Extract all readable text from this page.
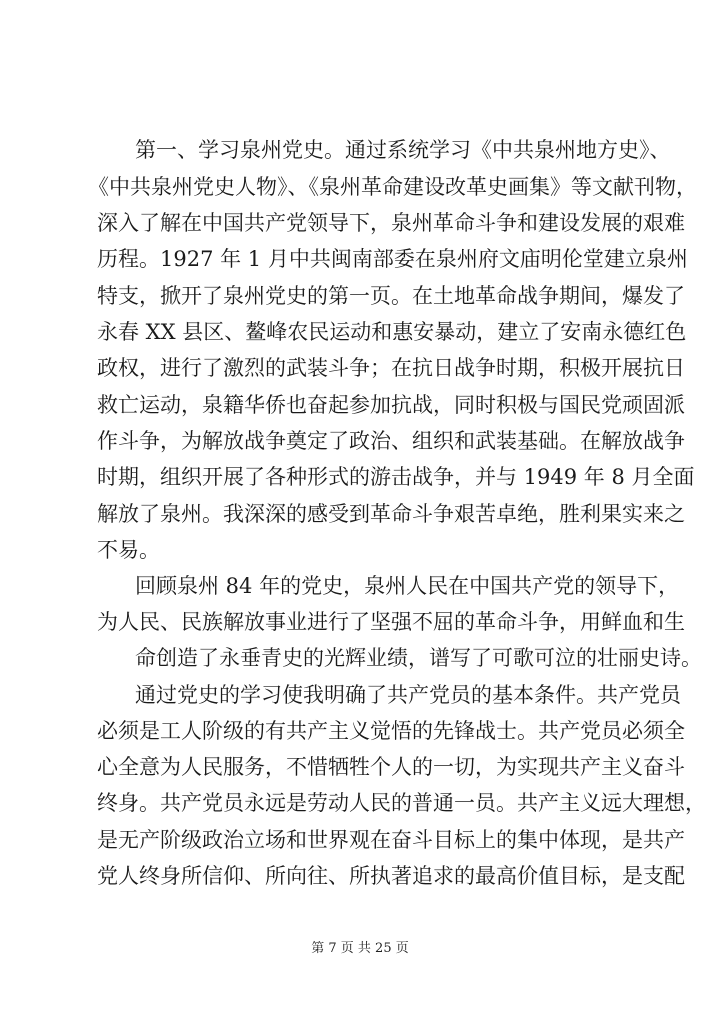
第一、学习泉州党史。通过系统学习《中共泉州地方史》、
《中共泉州党史人物》、《泉州革命建设改革史画集》等文献刊物，
深入了解在中国共产党领导下，泉州革命斗争和建设发展的艰难
历程。1927 年 1 月中共闽南部委在泉州府文庙明伦堂建立泉州
特支，掀开了泉州党史的第一页。在土地革命战争期间，爆发了
永春 XX 县区、鳌峰农民运动和惠安暴动，建立了安南永德红色
政权，进行了激烈的武装斗争；在抗日战争时期，积极开展抗日
救亡运动，泉籍华侨也奋起参加抗战，同时积极与国民党顽固派
作斗争，为解放战争奠定了政治、组织和武装基础。在解放战争
时期，组织开展了各种形式的游击战争，并与 1949 年 8 月全面
解放了泉州。我深深的感受到革命斗争艰苦卓绝，胜利果实来之
不易。
回顾泉州 84 年的党史，泉州人民在中国共产党的领导下，
为人民、民族解放事业进行了坚强不屈的革命斗争，用鲜血和生
命创造了永垂青史的光辉业绩，谱写了可歌可泣的壮丽史诗。
通过党史的学习使我明确了共产党员的基本条件。共产党员
必须是工人阶级的有共产主义觉悟的先锋战士。共产党员必须全
心全意为人民服务，不惜牺牲个人的一切，为实现共产主义奋斗
终身。共产党员永远是劳动人民的普通一员。共产主义远大理想，
是无产阶级政治立场和世界观在奋斗目标上的集中体现，是共产
党人终身所信仰、所向往、所执著追求的最高价值目标，是支配
第 7 页 共 25 页
